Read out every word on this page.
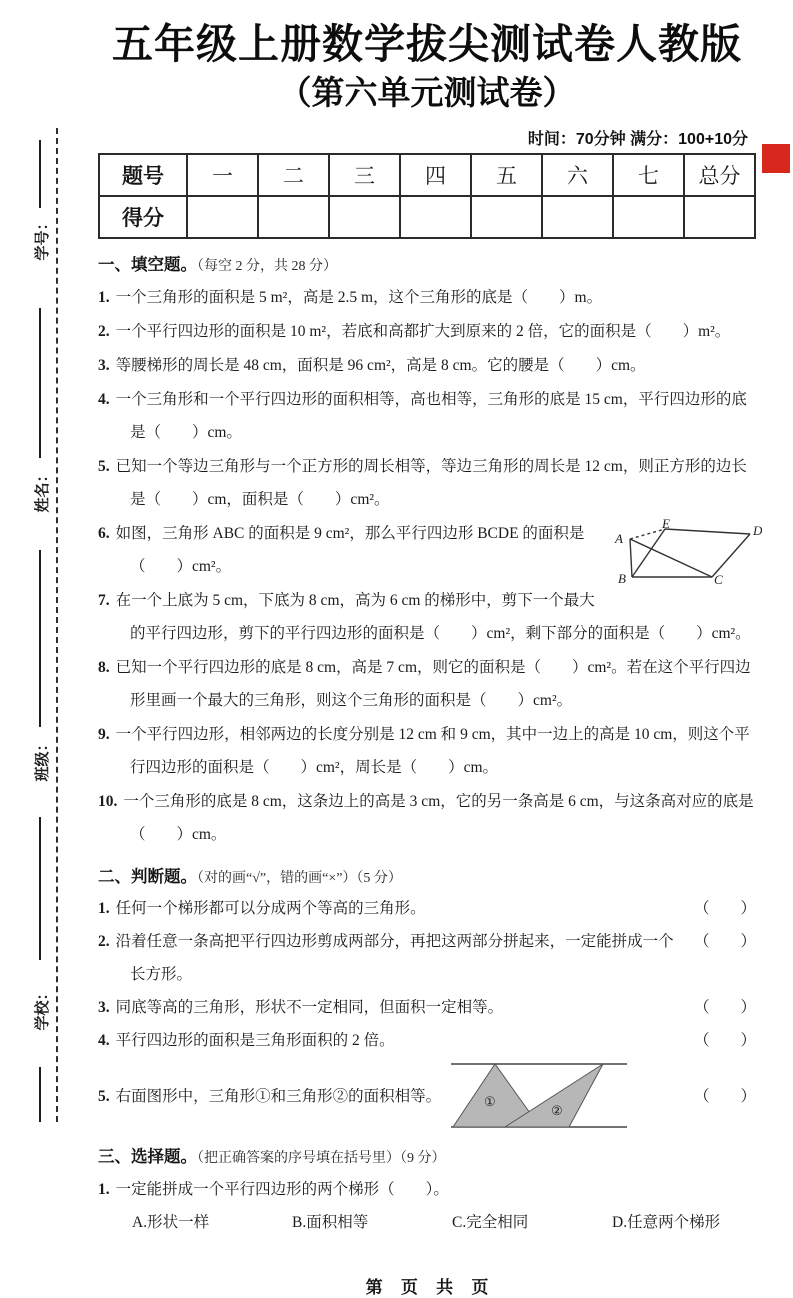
学号：
姓名：
班级：
学校：
五年级上册数学拔尖测试卷人教版
（第六单元测试卷）
时间：70分钟 满分：100+10分
题号	一	二	三	四	五	六	七	总分
得分								
一、填空题。（每空 2 分，共 28 分）
1. 一个三角形的面积是 5 m²，高是 2.5 m，这个三角形的底是（　　）m。
2. 一个平行四边形的面积是 10 m²，若底和高都扩大到原来的 2 倍，它的面积是（　　）m²。
3. 等腰梯形的周长是 48 cm，面积是 96 cm²，高是 8 cm。它的腰是（　　）cm。
4. 一个三角形和一个平行四边形的面积相等，高也相等，三角形的底是 15 cm，平行四边形的底是（　　）cm。
5. 已知一个等边三角形与一个正方形的周长相等，等边三角形的周长是 12 cm，则正方形的边长是（　　）cm，面积是（　　）cm²。
A
E	D
B	C
6. 如图，三角形 ABC 的面积是 9 cm²，那么平行四边形 BCDE 的面积是（　　）cm²。
7. 在一个上底为 5 cm，下底为 8 cm，高为 6 cm 的梯形中，剪下一个最大的平行四边形，剪下的平行四边形的面积是（　　）cm²，剩下部分的面积是（　　）cm²。
8. 已知一个平行四边形的底是 8 cm，高是 7 cm，则它的面积是（　　）cm²。若在这个平行四边形里画一个最大的三角形，则这个三角形的面积是（　　）cm²。
9. 一个平行四边形，相邻两边的长度分别是 12 cm 和 9 cm，其中一边上的高是 10 cm，则这个平行四边形的面积是（　　）cm²，周长是（　　）cm。
10. 一个三角形的底是 8 cm，这条边上的高是 3 cm，它的另一条高是 6 cm，与这条高对应的底是（　　）cm。
二、判断题。（对的画“√”，错的画“×”）（5 分）
1. 任何一个梯形都可以分成两个等高的三角形。	（　　）
2. 沿着任意一条高把平行四边形剪成两部分，再把这两部分拼起来，一定能拼成一个长方形。
（　　）
3. 同底等高的三角形，形状不一定相同，但面积一定相等。	（　　）
4. 平行四边形的面积是三角形面积的 2 倍。	（　　）
5. 右面图形中，三角形①和三角形②的面积相等。	①
②
（　　）
三、选择题。（把正确答案的序号填在括号里）（9 分）
1. 一定能拼成一个平行四边形的两个梯形（　　）。
A.形状一样	B.面积相等	C.完全相同	D.任意两个梯形
第 页 共 页
